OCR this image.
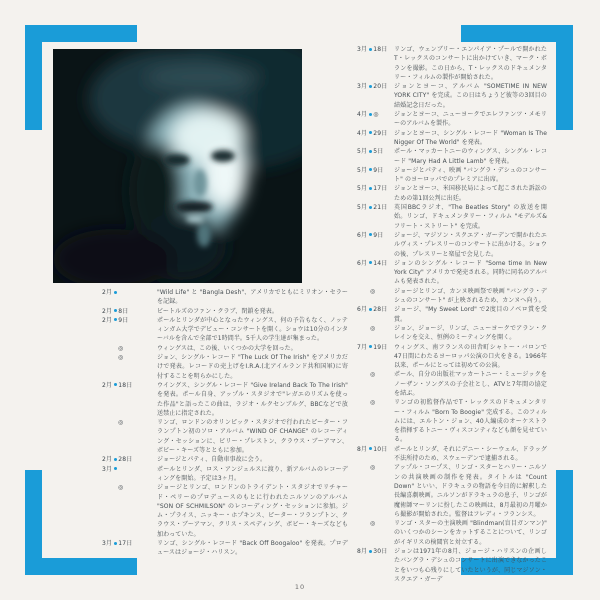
2月	"Wild Life" と "Bangla Desh"、アメリカでともにミリオン・セラーを記録。
2月 8日	ビートルズのファン・クラブ、閉鎖を発表。
2月 9日	ポールとリンダが中心となったウィングス、何の予告もなく、ノッティンガム大学でデビュー・コンサートを開く。ショウは10分のインターバルを含んで全部で1時間半。5千人の学生達が集まった。
◎	ウィングスは、この後、いくつかの大学を回った。
◎	ジョン、シングル・レコード "The Luck Of The Irish" をアメリカだけで発表。レコードの売上げをI.R.A.(北アイルランド共和国軍)に寄付することを明らかにした。
2月 18日	ウイングス、シングル・レコード "Give Ireland Back To The Irish" を発表。ポール自身、アップル・スタジオで"レガエのリズムを使った作品"と語ったこの曲は、ラジオ・ルクセンブルグ、BBCなどで放送禁止に指定された。
◎	リンゴ、ロンドンのオリンピック・スタジオで行われたピーター・フランプトン初のソロ・アルバム "WIND OF CHANGE" のレコーディング・セッションに、ビリー・プレストン、クラウス・ブーアマン、ボビー・キーズ等とともに参加。
2月 28日	ジョージとパティ、自動車事故に会う。
3月	ポールとリンダ、ロス・アンジェルスに渡り、新アルバムのレコーディングを開始。予定は3ヶ月。
◎	ジョージとリンゴ、ロンドンのトライデント・スタジオでリチャード・ペリーのプロデュースのもとに行われたニルソンのアルバム "SON OF SCHMILSON" のレコーディング・セッションに参加。ジム・プライス、ニッキー・ホプキンス、ピーター・フランプトン、クラウス・ブーアマン、クリス・スペディング、ボビー・キーズなども加わっていた。
3月 17日	リンゴ、シングル・レコード "Back Off Boogaloo" を発表。プロデュースはジョージ・ハリスン。
3月 18日	リンゴ、ウェンブリー・エンパイア・プールで開かれたT・レックスのコンサートに出かけていき、マーク・ボランを撮影。この日から、T・レックスのドキュメンタリー・フィルムの製作が開始された。
3月 20日	ジョンとヨーコ、アルバム "SOMETIME IN NEW YORK CITY" を完成。この日はちょうど彼等の3回目の結婚記念日だった。
4月 ◎	ジョンとヨーコ、ニューヨークでエレファンツ・メモリーのアルバムを製作。
4月 29日	ジョンとヨーコ、シングル・レコード "Woman Is The Nigger Of The World" を発表。
5月 5日	ポール・マッカートニーのウィングス、シングル・レコード "Mary Had A Little Lamb" を発表。
5月 9日	ジョージとパティ、映画 "バングラ・デシュのコンサート" のヨーロッパでのプレミアに出席。
5月 17日	ジョンとヨーコ、米国移民局によって起こされた訴訟のための第1回公判に出廷。
5月 21日	英国BBCラジオ、"The Beatles Story" の放送を開始。リンゴ、ドキュメンタリー・フィルム "モデルズ&フリート・ストリート" を完成。
6月 9日	ジョージ、マジソン・スクエア・ガーデンで開かれたエルヴィス・プレスリーのコンサートに出かける。ショウの後、プレスリーと楽屋で会見した。
6月 14日	ジョンのシングル・レコード "Some time In New York City" アメリカで発売される。同時に同名のアルバムも発表された。
◎	ジョージとリンゴ、カンヌ映画祭で映画 "バングラ・デシュのコンサート" が上映されるため、カンヌへ向う。
6月 28日	ジョージ、"My Sweet Lord" で2度目のノベロ賞を受賞。
◎	ジョン、ジョージ、リンゴ、ニューヨークでアラン・クレインを交え、恒例のミーティングを開く。
7月 19日	ウィングス、南フランスの田舎町シャトー・バロンで47日間にわたるヨーロッパ公演の口火をきる。1966年以来、ポールにとっては初めての公演。
◎	ポール、自分の出版社マッカートニー・ミュージックをノーザン・ソングスの子会社とし、ATVと7年間の協定を結ぶ。
◎	リンゴの初監督作品でT・レックスのドキュメンタリー・フィルム "Born To Boogie" 完成する。このフィルムには、エルトン・ジョン、40人編成のオーケストラを指揮するトニー・ヴィスコンティなども顔を見せている。
8月 10日	ポールとリンダ、それにデニー・シーウェル、ドラッグ不法所持のため、スウェーデンで逮捕される。
◎	アップル・コープス、リンゴ・スターとハリー・ニルソンの共演映画の制作を発表。タイトルは "Count Down" といい、ドラキュラの物語を今日的に解釈した長編喜劇映画。ニルソンがドラキュラの息子、リンゴが魔術師マーリンに扮したこの映画は、8月最初の月曜から撮影が開始された。監督はフレディ・フランシス。
◎	リンゴ・スターの主演映画 "Blindman(盲目ガンマン)" のいくつかのシーンをカットすることについて、リンゴがイギリスの検閲官と対立する。
8月 30日	ジョンは1971年の8月、ジョージ・ハリスンの企画したバングラ・デシュのコンサートに出演できなかったことをいつも心残りにしていたというが、同じマジソン・スクエア・ガーデ
10
